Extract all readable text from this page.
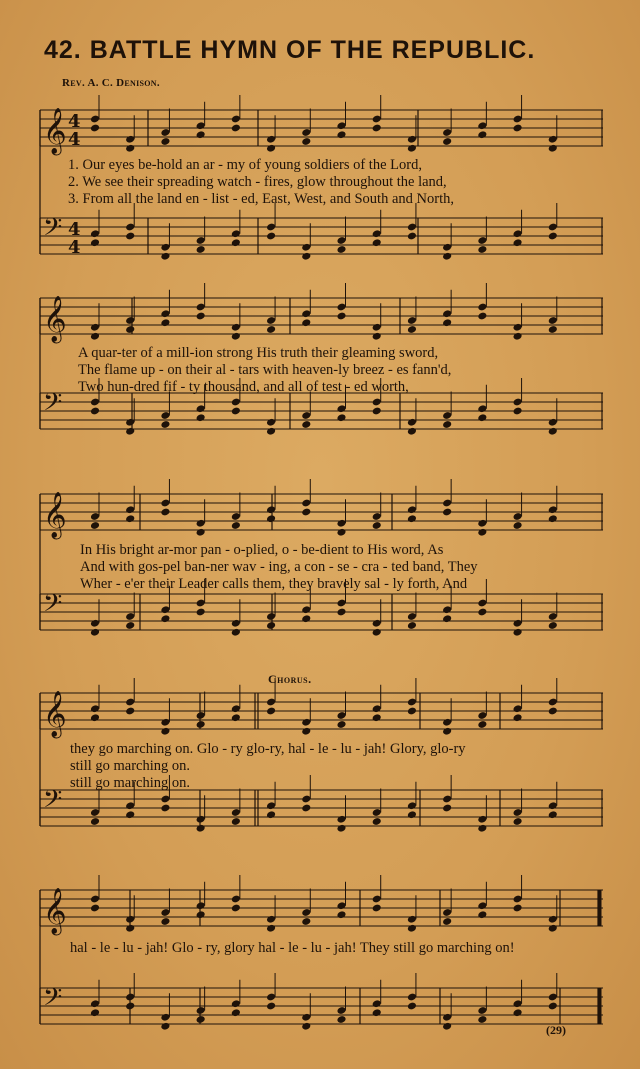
42. BATTLE HYMN OF THE REPUBLIC.
Rev. A. C. Denison.
Chorus.
(29)
𝄞
𝄢
𝄞
𝄢
𝄞
𝄢
𝄞
𝄢
𝄞
𝄢
4
4
4
4
1. Our eyes be-hold an ar - my of young soldiers of the Lord,
2. We see their spreading watch - fires, glow throughout the land,
3. From all the land en - list - ed, East, West, and South and North,
A quar-ter of a mill-ion strong His truth their gleaming sword,
The flame up - on their al - tars with heaven-ly breez - es fann'd,
Two hun-dred fif - ty thousand, and all of test - ed worth,
In His bright ar-mor pan - o-plied, o - be-dient to His word, As
And with gos-pel ban-ner wav - ing, a con - se - cra - ted band, They
Wher - e'er their Leader calls them, they bravely sal - ly forth, And
they go marching on. Glo - ry glo-ry, hal - le - lu - jah! Glory, glo-ry
still go marching on.
still go marching on.
hal - le - lu - jah! Glo - ry, glory hal - le - lu - jah! They still go marching on!
